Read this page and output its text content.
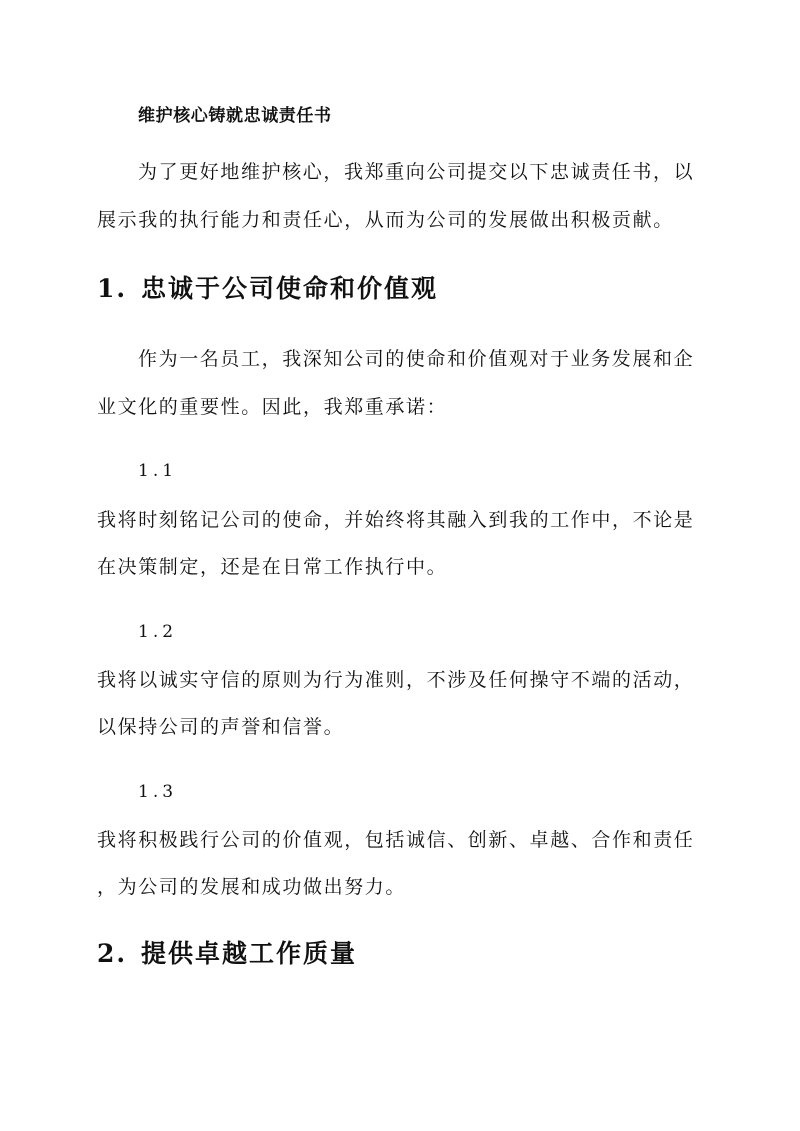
维护核心铸就忠诚责任书
为了更好地维护核心，我郑重向公司提交以下忠诚责任书，以
展示我的执行能力和责任心，从而为公司的发展做出积极贡献。
1. 忠诚于公司使命和价值观
作为一名员工，我深知公司的使命和价值观对于业务发展和企
业文化的重要性。因此，我郑重承诺：
1.1
我将时刻铭记公司的使命，并始终将其融入到我的工作中，不论是
在决策制定，还是在日常工作执行中。
1.2
我将以诚实守信的原则为行为准则，不涉及任何操守不端的活动，
以保持公司的声誉和信誉。
1.3
我将积极践行公司的价值观，包括诚信、创新、卓越、合作和责任
，为公司的发展和成功做出努力。
2. 提供卓越工作质量
